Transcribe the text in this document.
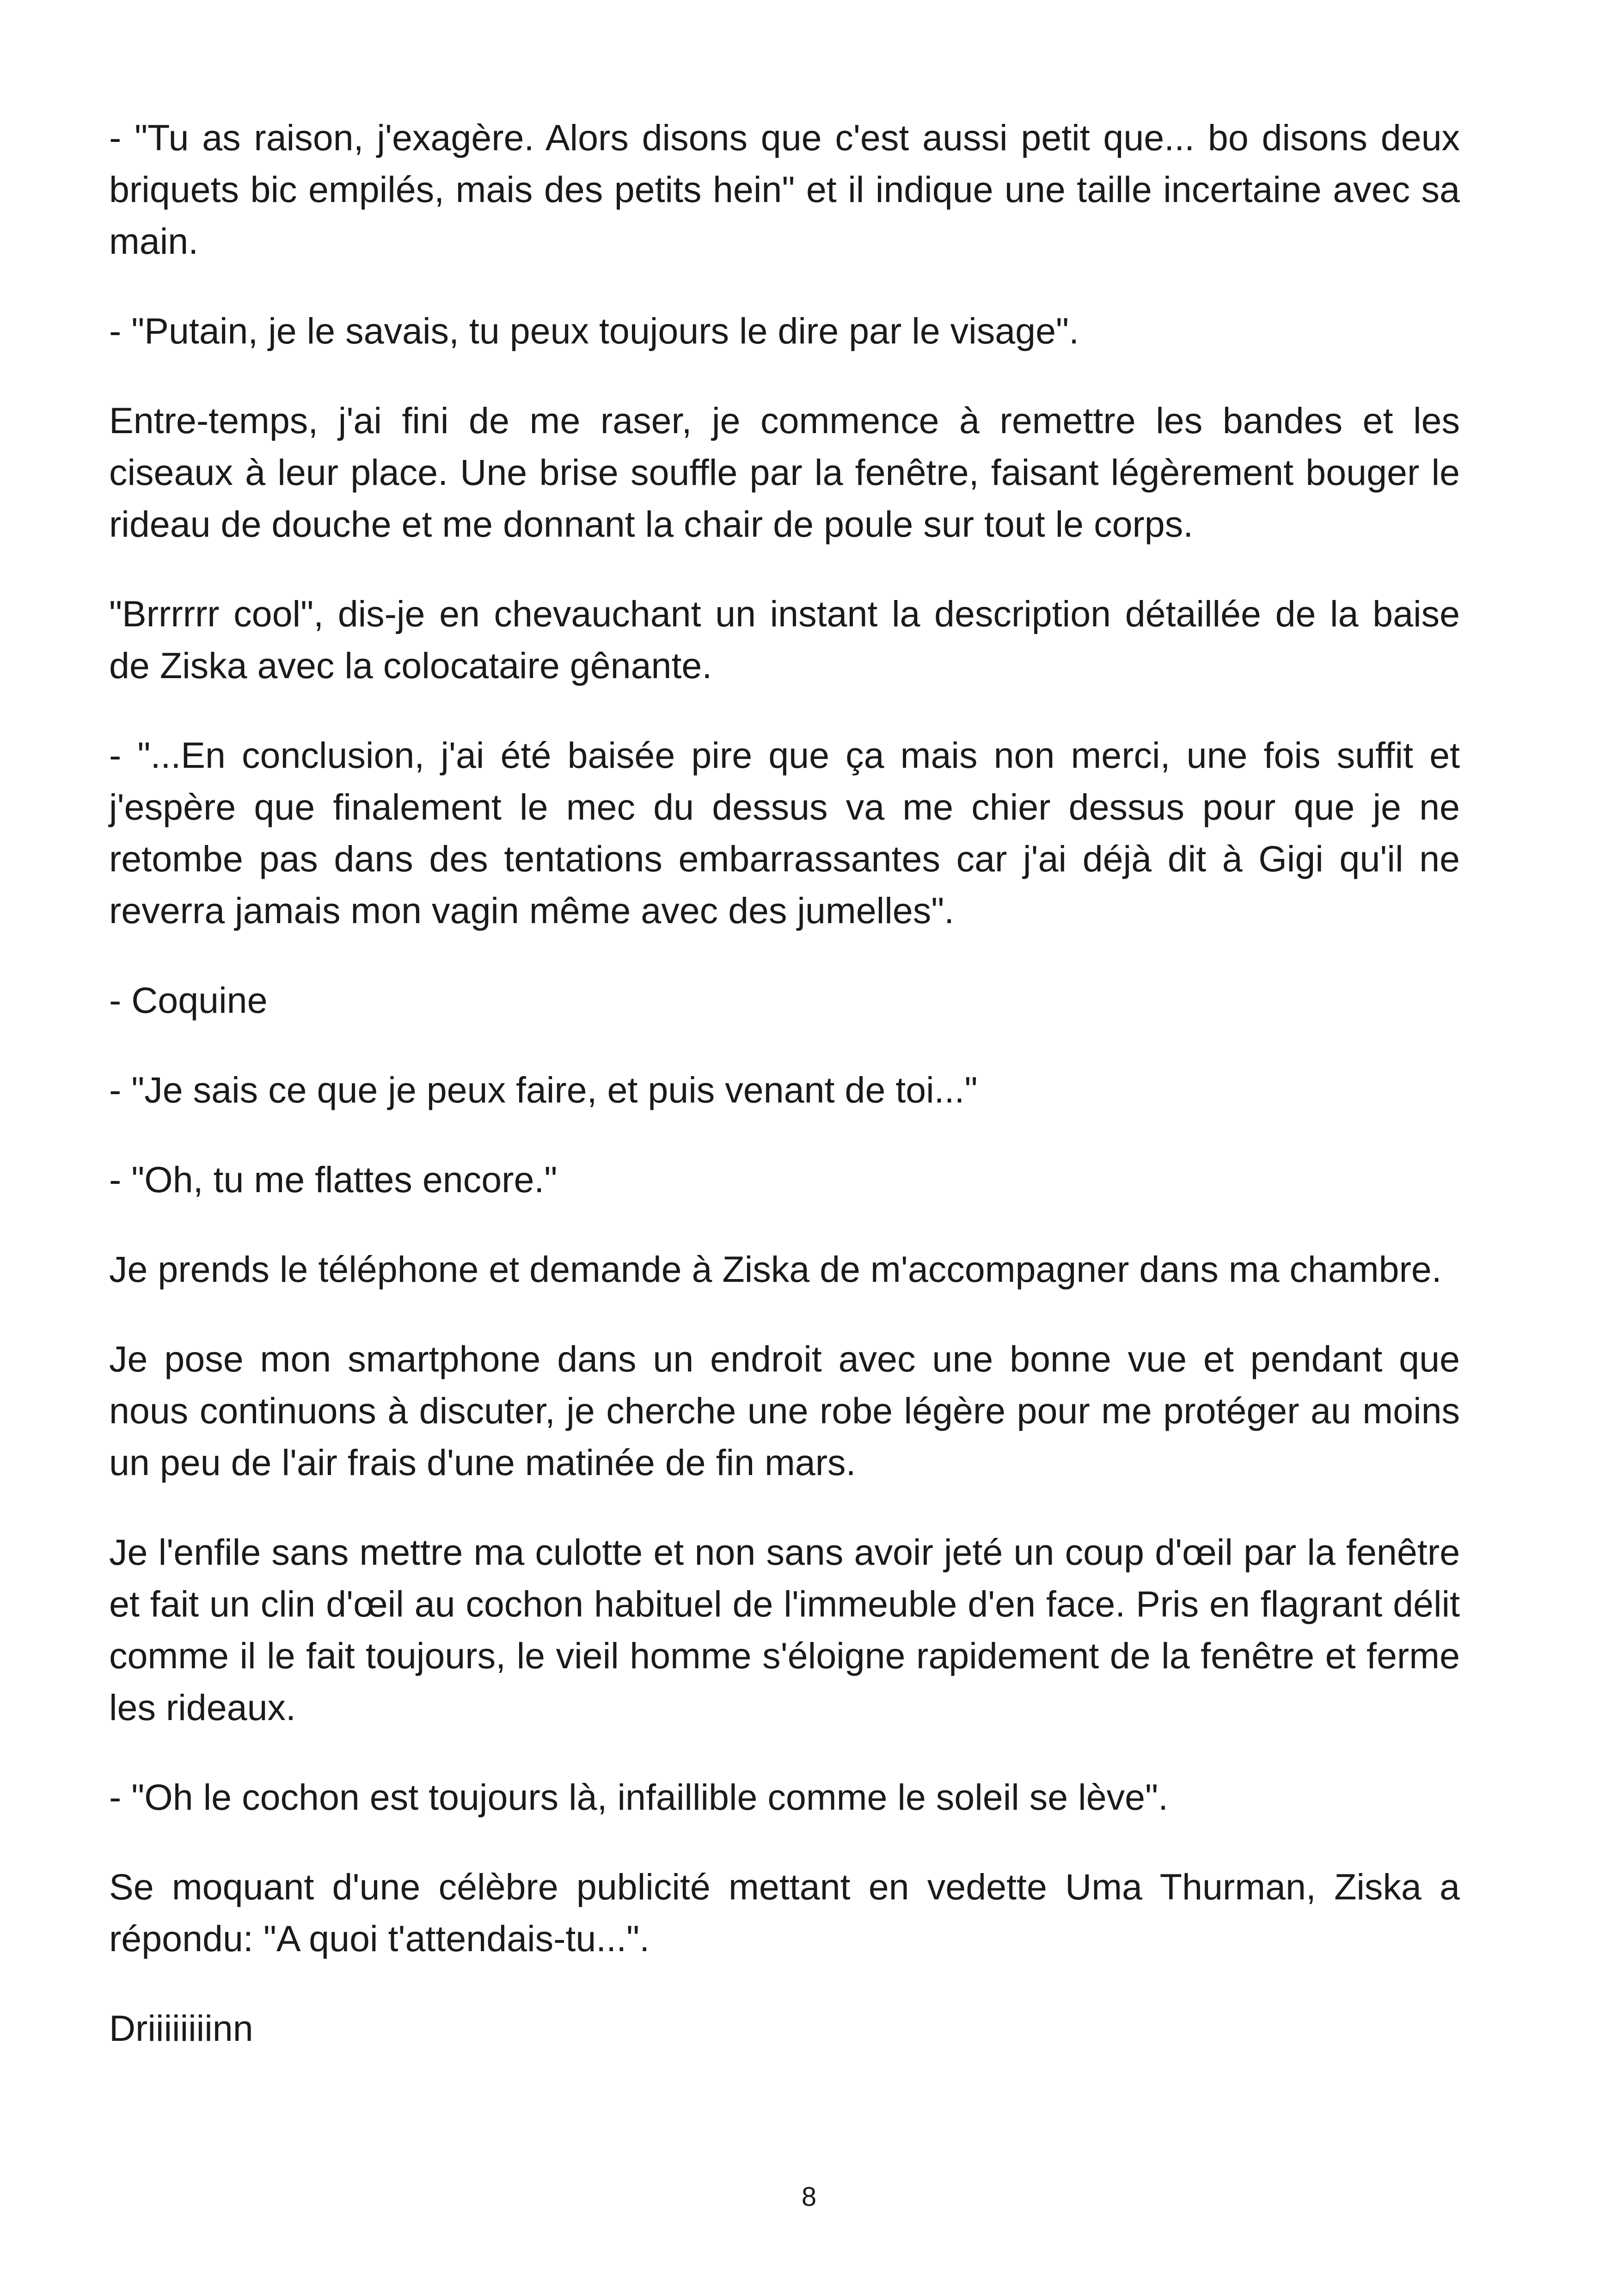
- "Tu as raison, j'exagère. Alors disons que c'est aussi petit que... bo disons deux briquets bic empilés, mais des petits hein" et il indique une taille incertaine avec sa main.

- "Putain, je le savais, tu peux toujours le dire par le visage".

Entre-temps, j'ai fini de me raser, je commence à remettre les bandes et les ciseaux à leur place. Une brise souffle par la fenêtre, faisant légèrement bouger le rideau de douche et me donnant la chair de poule sur tout le corps.

"Brrrrrr cool", dis-je en chevauchant un instant la description détaillée de la baise de Ziska avec la colocataire gênante.

- "...En conclusion, j'ai été baisée pire que ça mais non merci, une fois suffit et j'espère que finalement le mec du dessus va me chier dessus pour que je ne retombe pas dans des tentations embarrassantes car j'ai déjà dit à Gigi qu'il ne reverra jamais mon vagin même avec des jumelles".

- Coquine

- "Je sais ce que je peux faire, et puis venant de toi..."

- "Oh, tu me flattes encore."

Je prends le téléphone et demande à Ziska de m'accompagner dans ma chambre.

Je pose mon smartphone dans un endroit avec une bonne vue et pendant que nous continuons à discuter, je cherche une robe légère pour me protéger au moins un peu de l'air frais d'une matinée de fin mars.

Je l'enfile sans mettre ma culotte et non sans avoir jeté un coup d'œil par la fenêtre et fait un clin d'œil au cochon habituel de l'immeuble d'en face. Pris en flagrant délit comme il le fait toujours, le vieil homme s'éloigne rapidement de la fenêtre et ferme les rideaux.

- "Oh le cochon est toujours là, infaillible comme le soleil se lève".

Se moquant d'une célèbre publicité mettant en vedette Uma Thurman, Ziska a répondu: "A quoi t'attendais-tu...".

Driiiiiiiinn

8
